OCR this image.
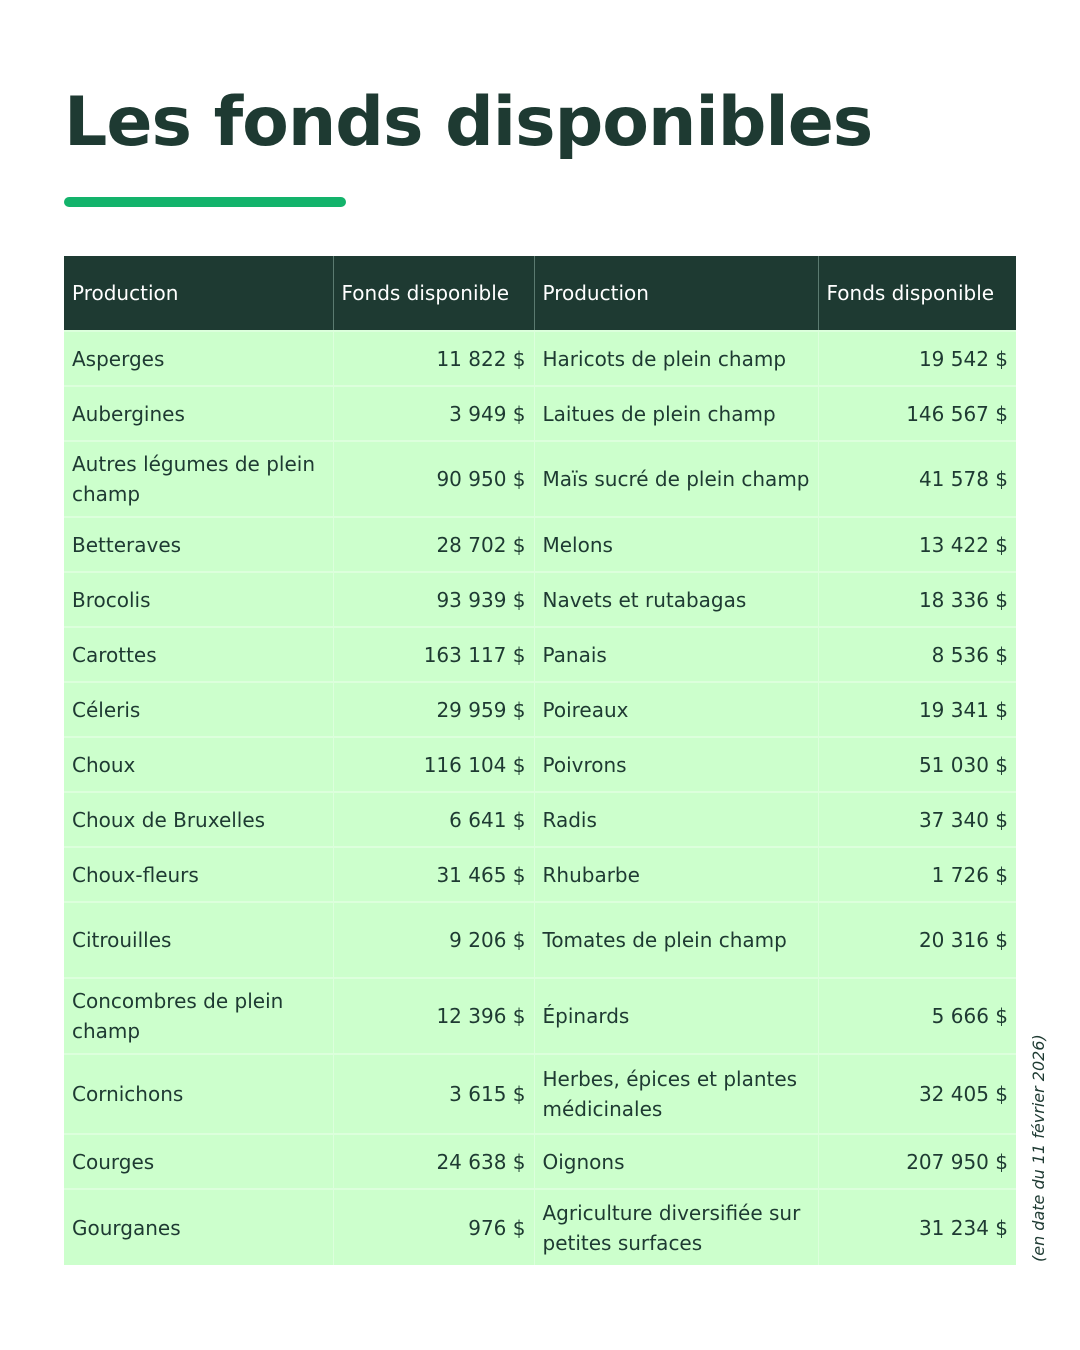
Les fonds disponibles
Production	Fonds disponible	Production	Fonds disponible
Asperges	11 822 $	Haricots de plein champ	19 542 $
Aubergines	3 949 $	Laitues de plein champ	146 567 $
Autres légumes de plein champ	90 950 $	Maïs sucré de plein champ	41 578 $
Betteraves	28 702 $	Melons	13 422 $
Brocolis	93 939 $	Navets et rutabagas	18 336 $
Carottes	163 117 $	Panais	8 536 $
Céleris	29 959 $	Poireaux	19 341 $
Choux	116 104 $	Poivrons	51 030 $
Choux de Bruxelles	6 641 $	Radis	37 340 $
Choux-fleurs	31 465 $	Rhubarbe	1 726 $
Citrouilles	9 206 $	Tomates de plein champ	20 316 $
Concombres de plein champ	12 396 $	Épinards	5 666 $
Cornichons	3 615 $	Herbes, épices et plantes médicinales	32 405 $
Courges	24 638 $	Oignons	207 950 $
Gourganes	976 $	Agriculture diversifiée sur petites surfaces	31 234 $ (en date du 11 février 2026)
